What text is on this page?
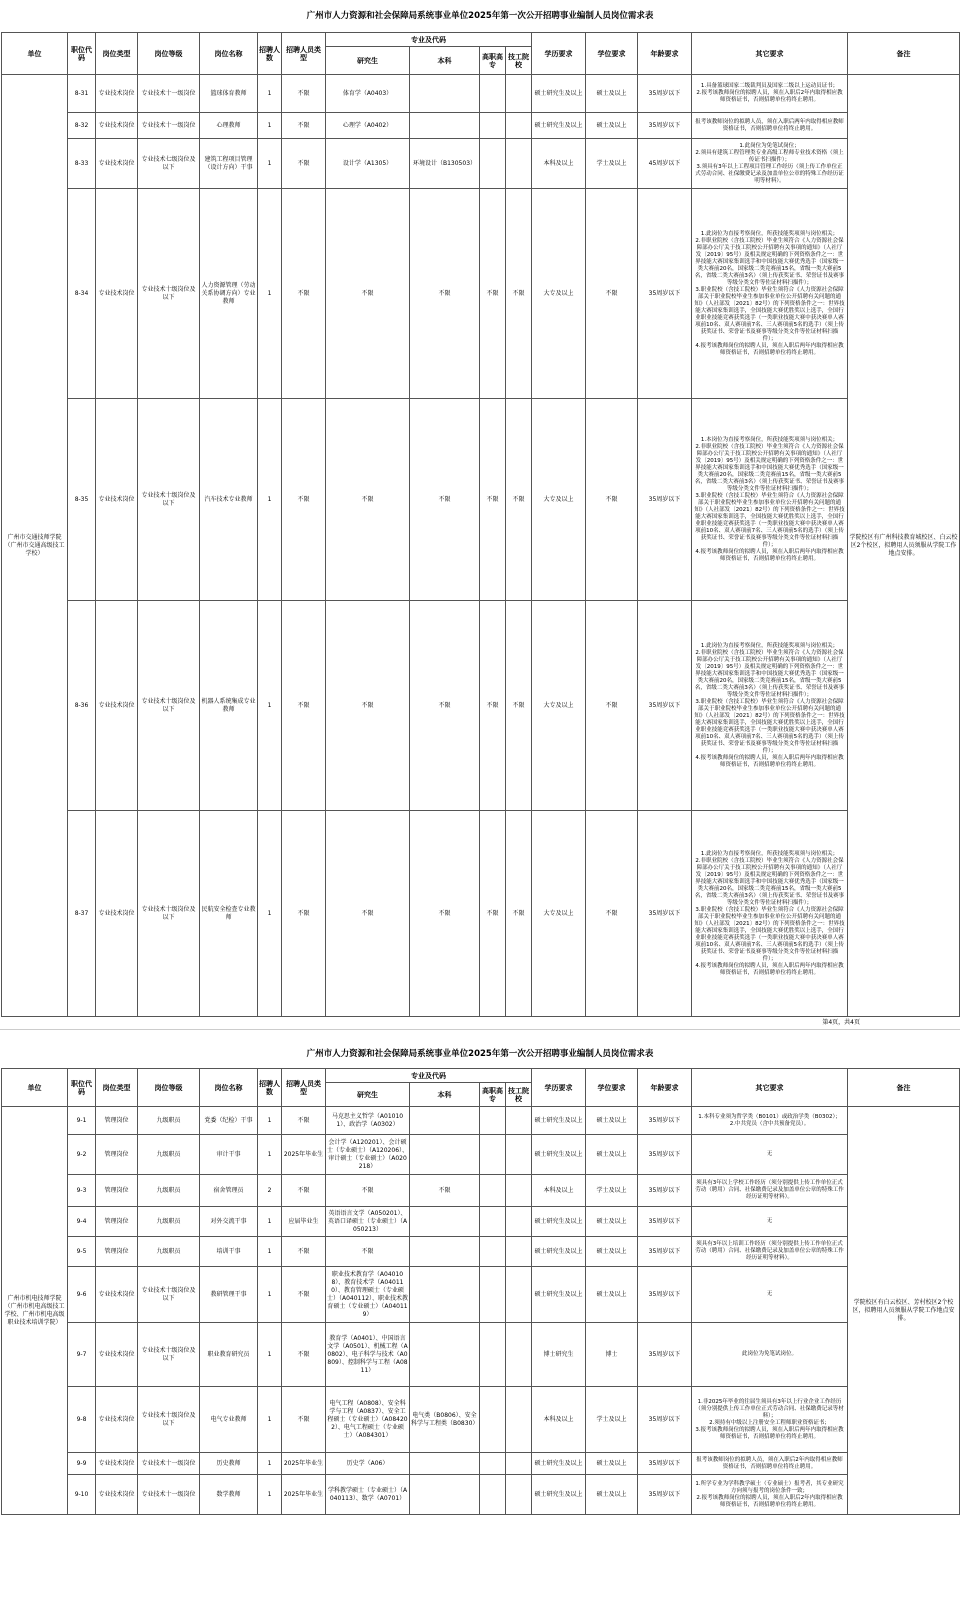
广州市人力资源和社会保障局系统事业单位2025年第一次公开招聘事业编制人员岗位需求表
单位	职位代码	岗位类型	岗位等级	岗位名称	招聘人数	招聘人员类型	专业及代码				学历要求	学位要求	年龄要求	其它要求	备注
							研究生	本科	高职高专	技工院校					
广州市交通技师学院（广州市交通高级技工学校）	8-31	专业技术岗位	专业技术十一级岗位	篮球体育教师	1	不限	体育学（A0403）				硕士研究生及以上	硕士及以上	35周岁以下	1.具备篮球国家二级裁判员及国家二级以上运动员证书；
2.报考该教师岗位的拟聘人员，须在入职后2年内取得相应教师资格证书，否则招聘单位将终止聘用。	学院校区有广州科技教育城校区、白云校区2个校区，拟聘用人员须服从学院工作地点安排。
	8-32	专业技术岗位	专业技术十一级岗位	心理教师	1	不限	心理学（A0402）				硕士研究生及以上	硕士及以上	35周岁以下	报考该教师岗位的拟聘人员，须在入职后两年内取得相应教师资格证书，否则招聘单位将终止聘用。	
	8-33	专业技术岗位	专业技术七级岗位及以下	建筑工程项目管理（设计方向）干事	1	不限	设计学（A1305）	环境设计（B130503）			本科及以上	学士及以上	45周岁以下	1.此岗位为免笔试岗位；
2.须具有建筑工程管理类专业高级工程师专业技术资格（须上传证书扫描件）；
3.须具有3年以上工程项目管理工作经历（须上传工作单位正式劳动合同、社保缴费记录及加盖单位公章的特殊工作经历证明等材料）。	
	8-34	专业技术岗位	专业技术十级岗位及以下	人力资源管理（劳动关系协调方向）专业教师	1	不限	不限	不限	不限	不限	大专及以上	不限	35周岁以下	1.此岗位为直接考察岗位，所获技能奖项须与岗位相关；
2.非职业院校（含技工院校）毕业生须符合《人力资源社会保障部办公厅关于技工院校公开招聘有关事项的通知》（人社厅发〔2019〕95号）及相关规定明确的下列资格条件之一：世界技能大赛国家集训选手和中国技能大赛优秀选手（国家级一类大赛前20名，国家级二类竞赛前15名，省级一类大赛前5名，省级二类大赛前3名）（须上传获奖证书、荣誉证书及赛事等级分类文件等佐证材料扫描件）；
3.职业院校（含技工院校）毕业生须符合《人力资源社会保障部关于职业院校毕业生参加事业单位公开招聘有关问题的通知》（人社部发〔2021〕82号）的下列资格条件之一：世界技能大赛国家集训选手，全国技能大赛优胜奖以上选手，全国行业职业技能竞赛获奖选手（一类职业技能大赛中获决赛单人赛项前10名、双人赛项前7名、三人赛项前5名的选手）（须上传获奖证书、荣誉证书及赛事等级分类文件等佐证材料扫描件）；
4.报考该教师岗位的拟聘人员，须在入职后两年内取得相应教师资格证书，否则招聘单位将终止聘用。	
	8-35	专业技术岗位	专业技术十级岗位及以下	汽车技术专业教师	1	不限	不限	不限	不限	不限	大专及以上	不限	35周岁以下	1.本岗位为直接考察岗位，所获技能奖项须与岗位相关；
2.非职业院校（含技工院校）毕业生须符合《人力资源社会保障部办公厅关于技工院校公开招聘有关事项的通知》（人社厅发〔2019〕95号）及相关规定明确的下列资格条件之一：世界技能大赛国家集训选手和中国技能大赛优秀选手（国家级一类大赛前20名，国家级二类竞赛前15名，省级一类大赛前5名，省级二类大赛前3名）（须上传获奖证书、荣誉证书及赛事等级分类文件等佐证材料扫描件）；
3.职业院校（含技工院校）毕业生须符合《人力资源社会保障部关于职业院校毕业生参加事业单位公开招聘有关问题的通知》（人社部发〔2021〕82号）的下列资格条件之一：世界技能大赛国家集训选手，全国技能大赛优胜奖以上选手，全国行业职业技能竞赛获奖选手（一类职业技能大赛中获决赛单人赛项前10名、双人赛项前7名、三人赛项前5名的选手）（须上传获奖证书、荣誉证书及赛事等级分类文件等佐证材料扫描件）；
4.报考该教师岗位的拟聘人员，须在入职后两年内取得相应教师资格证书，否则招聘单位将终止聘用。	
	8-36	专业技术岗位	专业技术十级岗位及以下	机器人系统集成专业教师	1	不限	不限	不限	不限	不限	大专及以上	不限	35周岁以下	1.此岗位为直接考察岗位，所获技能奖项须与岗位相关；
2.非职业院校（含技工院校）毕业生须符合《人力资源社会保障部办公厅关于技工院校公开招聘有关事项的通知》（人社厅发〔2019〕95号）及相关规定明确的下列资格条件之一：世界技能大赛国家集训选手和中国技能大赛优秀选手（国家级一类大赛前20名，国家级二类竞赛前15名，省级一类大赛前5名，省级二类大赛前3名）（须上传获奖证书、荣誉证书及赛事等级分类文件等佐证材料扫描件）；
3.职业院校（含技工院校）毕业生须符合《人力资源社会保障部关于职业院校毕业生参加事业单位公开招聘有关问题的通知》（人社部发〔2021〕82号）的下列资格条件之一：世界技能大赛国家集训选手，全国技能大赛优胜奖以上选手，全国行业职业技能竞赛获奖选手（一类职业技能大赛中获决赛单人赛项前10名、双人赛项前7名、三人赛项前5名的选手）（须上传获奖证书、荣誉证书及赛事等级分类文件等佐证材料扫描件）；
4.报考该教师岗位的拟聘人员，须在入职后两年内取得相应教师资格证书，否则招聘单位将终止聘用。	
	8-37	专业技术岗位	专业技术十级岗位及以下	民航安全检查专业教师	1	不限	不限	不限	不限	不限	大专及以上	不限	35周岁以下	1.此岗位为直接考察岗位，所获技能奖项须与岗位相关；
2.非职业院校（含技工院校）毕业生须符合《人力资源社会保障部办公厅关于技工院校公开招聘有关事项的通知》（人社厅发〔2019〕95号）及相关规定明确的下列资格条件之一：世界技能大赛国家集训选手和中国技能大赛优秀选手（国家级一类大赛前20名，国家级二类竞赛前15名，省级一类大赛前5名，省级二类大赛前3名）（须上传获奖证书、荣誉证书及赛事等级分类文件等佐证材料扫描件）；
3.职业院校（含技工院校）毕业生须符合《人力资源社会保障部关于职业院校毕业生参加事业单位公开招聘有关问题的通知》（人社部发〔2021〕82号）的下列资格条件之一：世界技能大赛国家集训选手，全国技能大赛优胜奖以上选手，全国行业职业技能竞赛获奖选手（一类职业技能大赛中获决赛单人赛项前10名、双人赛项前7名、三人赛项前5名的选手）（须上传获奖证书、荣誉证书及赛事等级分类文件等佐证材料扫描件）；
4.报考该教师岗位的拟聘人员，须在入职后两年内取得相应教师资格证书，否则招聘单位将终止聘用。	
第4页，共4页
广州市人力资源和社会保障局系统事业单位2025年第一次公开招聘事业编制人员岗位需求表
单位	职位代码	岗位类型	岗位等级	岗位名称	招聘人数	招聘人员类型	专业及代码				学历要求	学位要求	年龄要求	其它要求	备注
							研究生	本科	高职高专	技工院校					
广州市机电技师学院（广州市机电高级技工学校、广州市机电高级职业技术培训学院）	9-1	管理岗位	九级职员	党委（纪检）干事	1	不限	马克思主义哲学（A010101）、政治学（A0302）				硕士研究生及以上	硕士及以上	35周岁以下	1.本科专业须为哲学类（B0101）或政治学类（B0302）；
2.中共党员（含中共预备党员）。	学院校区有白云校区、芳村校区2个校区，拟聘用人员须服从学院工作地点安排。
	9-2	管理岗位	九级职员	审计干事	1	2025年毕业生	会计学（A120201）、会计硕士（专业硕士）（A120206）、审计硕士（专业硕士）（A020218）				硕士研究生及以上	硕士及以上	35周岁以下	无	
	9-3	管理岗位	九级职员	宿舍管理员	2	不限	不限	不限			本科及以上	学士及以上	35周岁以下	须具有3年以上学校工作经历（须分别提供上传工作单位正式劳动（聘用）合同、社保缴费记录及加盖单位公章的特殊工作经历证明等材料）。	
	9-4	管理岗位	九级职员	对外交流干事	1	应届毕业生	英语语言文学（A050201）、英语口译硕士（专业硕士）（A050213）				硕士研究生及以上	硕士及以上	35周岁以下	无	
	9-5	管理岗位	九级职员	培训干事	1	不限	不限				硕士研究生及以上	硕士及以上	35周岁以下	须具有3年以上培训工作经历（须分别提供上传工作单位正式劳动（聘用）合同、社保缴费记录及加盖单位公章的特殊工作经历证明等材料）。	
	9-6	专业技术岗位	专业技术十级岗位及以下	教研管理干事	1	不限	职业技术教育学（A040108）、教育技术学（A040110）、教育管理硕士（专业硕士）（A040112）、职业技术教育硕士（专业硕士）（A040119）				硕士研究生及以上	硕士及以上	35周岁以下	无	
	9-7	专业技术岗位	专业技术十级岗位及以下	职业教育研究员	1	不限	教育学（A0401）、中国语言文学（A0501）、机械工程（A0802）、电子科学与技术（A0809）、控制科学与工程（A0811）				博士研究生	博士	35周岁以下	此岗位为免笔试岗位。	
	9-8	专业技术岗位	专业技术十级岗位及以下	电气专业教师	1	不限	电气工程（A0808）、安全科学与工程（A0837）、安全工程硕士（专业硕士）（A084202）、电气工程硕士（专业硕士）（A084301）	电气类（B0806）、安全科学与工程类（B0830）			本科及以上	学士及以上	35周岁以下	1.非2025年毕业的往届生须具有3年以上行业企业工作经历（须分别提供上传工作单位正式劳动合同、社保缴费记录等材料）；
2.须持有中级以上注册安全工程师职业资格证书；
3.报考该教师岗位的拟聘人员，须在入职后两年内取得相应教师资格证书，否则招聘单位将终止聘用。	
	9-9	专业技术岗位	专业技术十一级岗位	历史教师	1	2025年毕业生	历史学（A06）				硕士研究生及以上	硕士及以上	35周岁以下	报考该教师岗位的拟聘人员，须在入职后2年内取得相应教师资格证书，否则招聘单位将终止聘用。	
	9-10	专业技术岗位	专业技术十一级岗位	数学教师	1	2025年毕业生	学科教学硕士（专业硕士）（A040113）、数学（A0701）				硕士研究生及以上	硕士及以上	35周岁以下	1.所学专业为学科教学硕士（专业硕士）报考者，其专业研究方向须与报考的岗位条件一致；
2.报考该教师岗位的拟聘人员，须在入职后2年内取得相应教师资格证书，否则招聘单位将终止聘用。	
